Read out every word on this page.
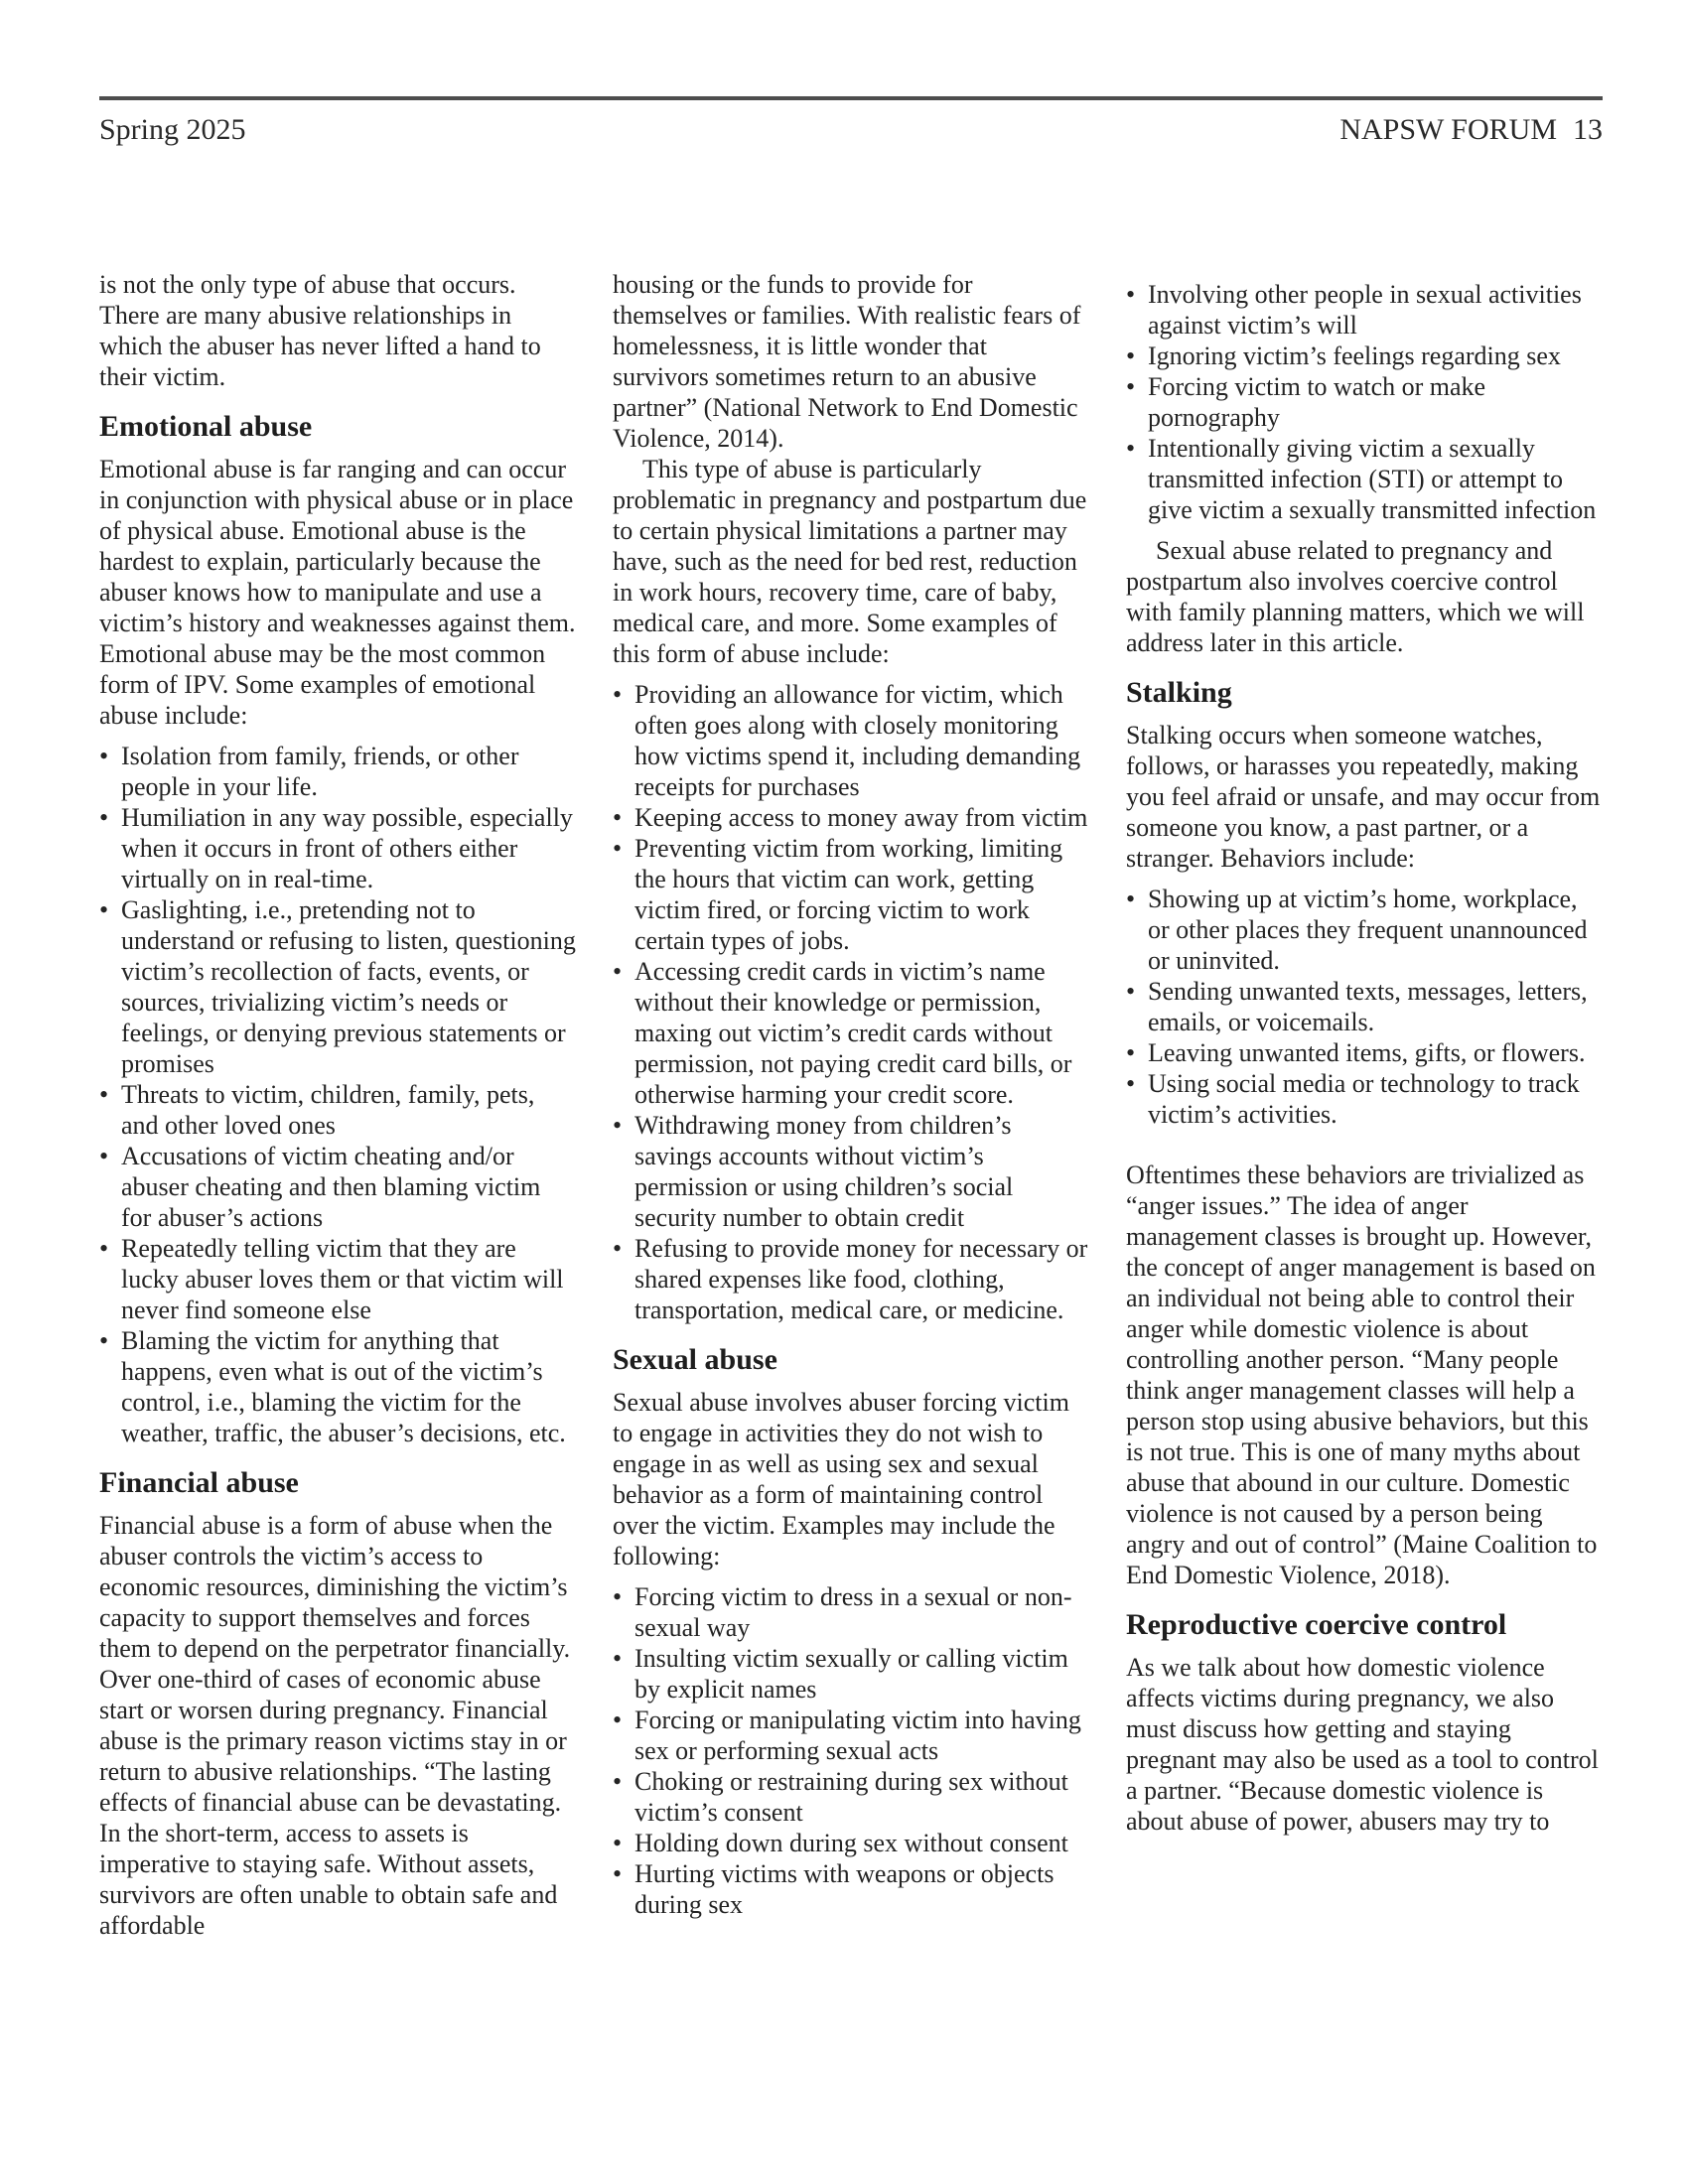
Spring 2025	NAPSW FORUM 13

is not the only type of abuse that occurs. There are many abusive relationships in which the abuser has never lifted a hand to their victim.

Emotional abuse

Emotional abuse is far ranging and can occur in conjunction with physical abuse or in place of physical abuse. Emotional abuse is the hardest to explain, particularly because the abuser knows how to manipulate and use a victim’s history and weaknesses against them. Emotional abuse may be the most common form of IPV. Some examples of emotional abuse include:

• Isolation from family, friends, or other people in your life.
• Humiliation in any way possible, especially when it occurs in front of others either virtually on in real-time.
• Gaslighting, i.e., pretending not to understand or refusing to listen, questioning victim’s recollection of facts, events, or sources, trivializing victim’s needs or feelings, or denying previous statements or promises
• Threats to victim, children, family, pets, and other loved ones
• Accusations of victim cheating and/or abuser cheating and then blaming victim for abuser’s actions
• Repeatedly telling victim that they are lucky abuser loves them or that victim will never find someone else
• Blaming the victim for anything that happens, even what is out of the victim’s control, i.e., blaming the victim for the weather, traffic, the abuser’s decisions, etc.
Financial abuse

Financial abuse is a form of abuse when the abuser controls the victim’s access to economic resources, diminishing the victim’s capacity to support themselves and forces them to depend on the perpetrator financially. Over one-third of cases of economic abuse start or worsen during pregnancy. Financial abuse is the primary reason victims stay in or return to abusive relationships. “The lasting effects of financial abuse can be devastating. In the short-term, access to assets is imperative to staying safe. Without assets, survivors are often unable to obtain safe and affordable

housing or the funds to provide for themselves or families. With realistic fears of homelessness, it is little wonder that survivors sometimes return to an abusive partner” (National Network to End Domestic Violence, 2014).

This type of abuse is particularly problematic in pregnancy and postpartum due to certain physical limitations a partner may have, such as the need for bed rest, reduction in work hours, recovery time, care of baby, medical care, and more. Some examples of this form of abuse include:

• Providing an allowance for victim, which often goes along with closely monitoring how victims spend it, including demanding receipts for purchases
• Keeping access to money away from victim
• Preventing victim from working, limiting the hours that victim can work, getting victim fired, or forcing victim to work certain types of jobs.
• Accessing credit cards in victim’s name without their knowledge or permission, maxing out victim’s credit cards without permission, not paying credit card bills, or otherwise harming your credit score.
• Withdrawing money from children’s savings accounts without victim’s permission or using children’s social security number to obtain credit
• Refusing to provide money for necessary or shared expenses like food, clothing, transportation, medical care, or medicine.
Sexual abuse

Sexual abuse involves abuser forcing victim to engage in activities they do not wish to engage in as well as using sex and sexual behavior as a form of maintaining control over the victim. Examples may include the following:

• Forcing victim to dress in a sexual or non-sexual way
• Insulting victim sexually or calling victim by explicit names
• Forcing or manipulating victim into having sex or performing sexual acts
• Choking or restraining during sex without victim’s consent
• Holding down during sex without consent
• Hurting victims with weapons or objects during sex
• Involving other people in sexual activities against victim’s will
• Ignoring victim’s feelings regarding sex
• Forcing victim to watch or make pornography
• Intentionally giving victim a sexually transmitted infection (STI) or attempt to give victim a sexually transmitted infection

Sexual abuse related to pregnancy and postpartum also involves coercive control with family planning matters, which we will address later in this article.

Stalking

Stalking occurs when someone watches, follows, or harasses you repeatedly, making you feel afraid or unsafe, and may occur from someone you know, a past partner, or a stranger. Behaviors include:

• Showing up at victim’s home, workplace, or other places they frequent unannounced or uninvited.
• Sending unwanted texts, messages, letters, emails, or voicemails.
• Leaving unwanted items, gifts, or flowers.
• Using social media or technology to track victim’s activities.

Oftentimes these behaviors are trivialized as “anger issues.” The idea of anger management classes is brought up. However, the concept of anger management is based on an individual not being able to control their anger while domestic violence is about controlling another person. “Many people think anger management classes will help a person stop using abusive behaviors, but this is not true. This is one of many myths about abuse that abound in our culture. Domestic violence is not caused by a person being angry and out of control” (Maine Coalition to End Domestic Violence, 2018).

Reproductive coercive control

As we talk about how domestic violence affects victims during pregnancy, we also must discuss how getting and staying pregnant may also be used as a tool to control a partner. “Because domestic violence is about abuse of power, abusers may try to
